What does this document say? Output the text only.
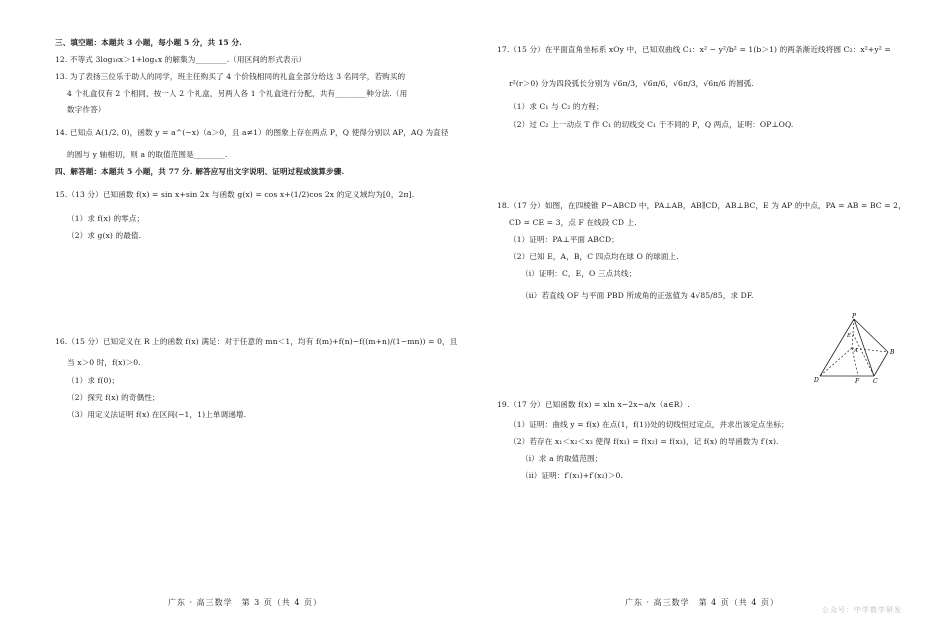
三、填空题：本题共 3 小题，每小题 5 分，共 15 分.
12. 不等式 3log₁₆x＞1+logₓx 的解集为________.（用区间的形式表示）
13. 为了表扬三位乐于助人的同学，班主任购买了 4 个价钱相同的礼盒全部分给这 3 名同学，若购买的
4 个礼盒仅有 2 个相同，按一人 2 个礼盒，另两人各 1 个礼盒进行分配，共有________种分法.（用
数字作答）
14. 已知点 A(1/2, 0)，函数 y = a^(−x)（a＞0，且 a≠1）的图象上存在两点 P，Q 使得分别以 AP，AQ 为直径
的圆与 y 轴相切，则 a 的取值范围是________.
四、解答题：本题共 5 小题，共 77 分. 解答应写出文字说明、证明过程或演算步骤.
15.（13 分）已知函数 f(x) = sin x+sin 2x 与函数 g(x) = cos x+(1/2)cos 2x 的定义域均为[0，2π].
（1）求 f(x) 的零点；
（2）求 g(x) 的最值.
16.（15 分）已知定义在 R 上的函数 f(x) 满足：对于任意的 mn＜1，均有 f(m)+f(n)−f((m+n)/(1−mn)) = 0，且
当 x＞0 时，f(x)＞0.
（1）求 f(0)；
（2）探究 f(x) 的奇偶性；
（3）用定义法证明 f(x) 在区间(−1，1)上单调递增.
广东 · 高三数学　第 3 页（共 4 页）
17.（15 分）在平面直角坐标系 xOy 中，已知双曲线 C₁：x² − y²/b² = 1(b＞1) 的两条渐近线将圆 C₂：x²+y² =
r²(r＞0) 分为四段弧长分别为 √6π/3，√6π/6，√6π/3，√6π/6 的圆弧.
（1）求 C₁ 与 C₂ 的方程；
（2）过 C₂ 上一动点 T 作 C₁ 的切线交 C₁ 于不同的 P，Q 两点，证明：OP⊥OQ.
18.（17 分）如图，在四棱锥 P−ABCD 中，PA⊥AB，AB∥CD，AB⊥BC，E 为 AP 的中点，PA = AB = BC = 2，
CD = CE = 3，点 F 在线段 CD 上.
（1）证明：PA⊥平面 ABCD；
（2）已知 E，A，B，C 四点均在球 O 的球面上.
（i）证明：C，E，O 三点共线；
（ii）若直线 OF 与平面 PBD 所成角的正弦值为 4√85/85，求 DF.
19.（17 分）已知函数 f(x) = xln x−2x−a/x（a∈R）.
（1）证明：曲线 y = f(x) 在点(1，f(1))处的切线恒过定点，并求出该定点坐标；
（2）若存在 x₁＜x₂＜x₃ 使得 f(x₁) = f(x₂) = f(x₃)，记 f(x) 的导函数为 f′(x).
（i）求 a 的取值范围；
（ii）证明：f′(x₁)+f′(x₂)＞0.
广东 · 高三数学　第 4 页（共 4 页）
P
E
A	B
D	F C
公众号：中学数学研发
